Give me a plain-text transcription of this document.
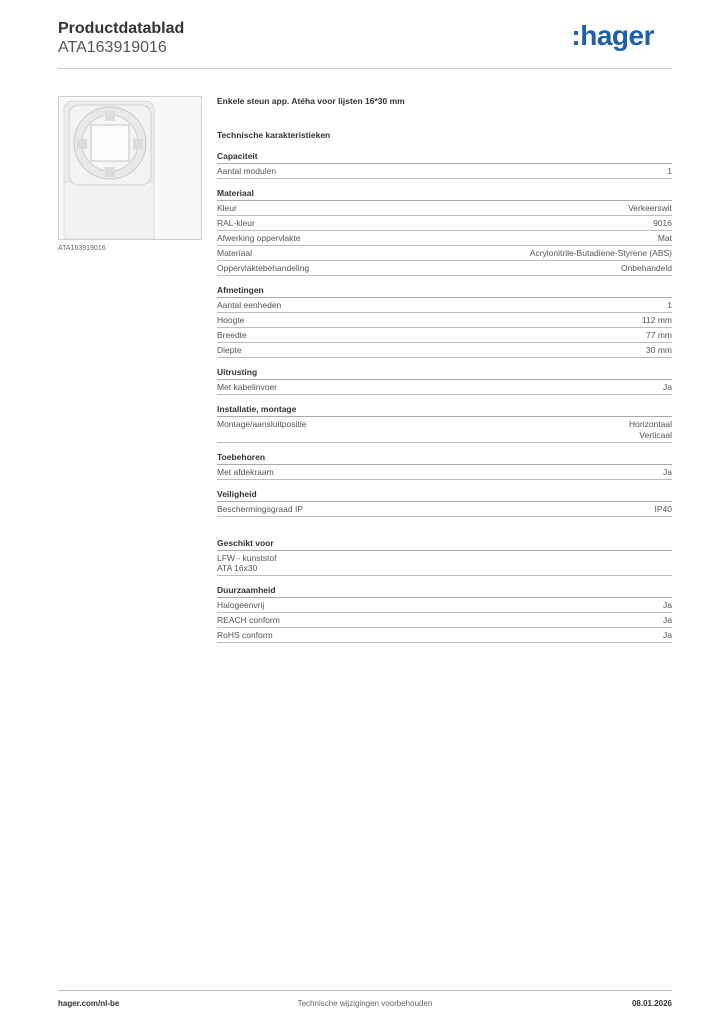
Productdatablad
ATA163919016	:hager
ATA163919016
Enkele steun app. Atéha voor lijsten 16*30 mm
Technische karakteristieken
Capaciteit
Aantal modulen	1
Materiaal
Kleur	Verkeerswit
RAL-kleur	9016
Afwerking oppervlakte	Mat
Materiaal	Acrylonitrile-Butadiene-Styrene (ABS)
Oppervlaktebehandeling	Onbehandeld
Afmetingen
Aantal eenheden	1
Hoogte	112 mm
Breedte	77 mm
Diepte	30 mm
Uitrusting
Met kabelinvoer	Ja
Installatie, montage
Montage/aansluitpositie	Horizontaal
Verticaal
Toebehoren
Met afdekraam	Ja
Veiligheid
Beschermingsgraad IP	IP40
Geschikt voor
LFW - kunststof
ATA 16x30
Duurzaamheid
Halogeenvrij	Ja
REACH conform	Ja
RoHS conform	Ja
hager.com/nl-be	Technische wijzigingen voorbehouden	08.01.2026
